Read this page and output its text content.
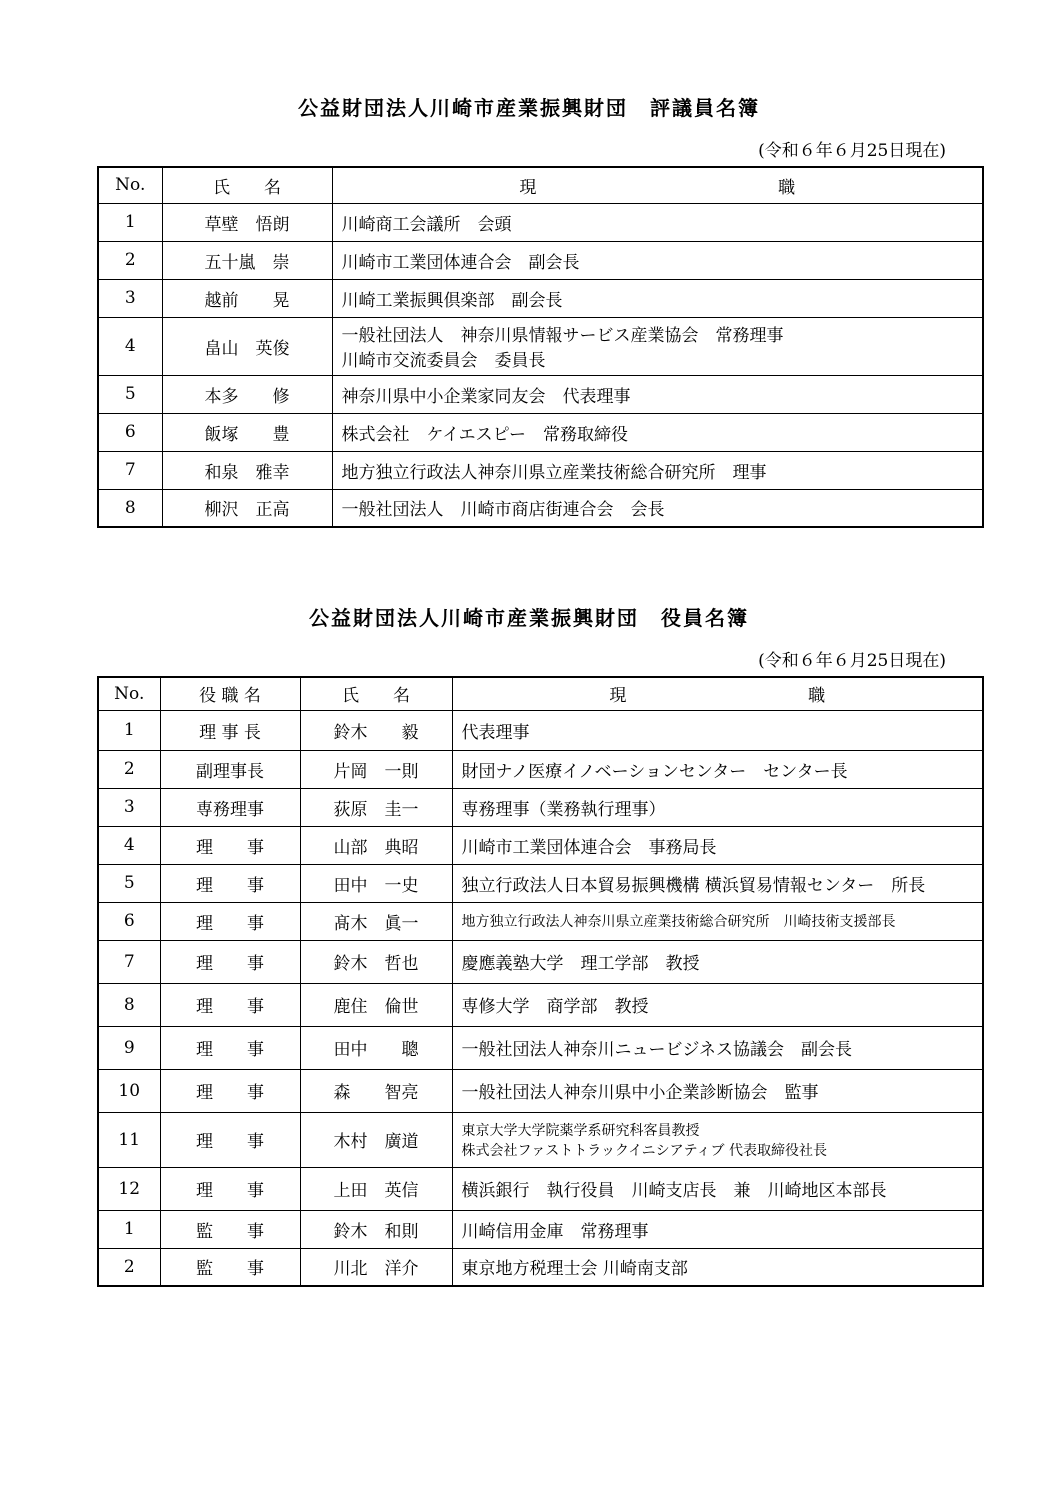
公益財団法人川崎市産業振興財団　評議員名簿

(令和６年６月25日現在)

No.	氏　　名	現 職

1	草壁　悟朗	川崎商工会議所　会頭

2	五十嵐　崇	川崎市工業団体連合会　副会長

3	越前　　晃	川崎工業振興倶楽部　副会長

4	畠山　英俊	一般社団法人　神奈川県情報サービス産業協会　常務理事
川崎市交流委員会　委員長

5	本多　　修	神奈川県中小企業家同友会　代表理事

6	飯塚　　豊	株式会社　ケイエスピー　常務取締役

7	和泉　雅幸	地方独立行政法人神奈川県立産業技術総合研究所　理事

8	柳沢　正高	一般社団法人　川崎市商店街連合会　会長
公益財団法人川崎市産業振興財団　役員名簿

(令和６年６月25日現在)

No.	役 職 名	氏　　名	現 職

1	理 事 長	鈴木　　毅	代表理事

2	副理事長	片岡　一則	財団ナノ医療イノベーションセンター　センター長

3	専務理事	荻原　圭一	専務理事（業務執行理事）

4	理　　事	山部　典昭	川崎市工業団体連合会　事務局長

5	理　　事	田中　一史	独立行政法人日本貿易振興機構 横浜貿易情報センター　所長

6	理　　事	髙木　眞一	地方独立行政法人神奈川県立産業技術総合研究所　川崎技術支援部長

7	理　　事	鈴木　哲也	慶應義塾大学　理工学部　教授

8	理　　事	鹿住　倫世	専修大学　商学部　教授

9	理　　事	田中　　聰	一般社団法人神奈川ニュービジネス協議会　副会長

10	理　　事	森　　智亮	一般社団法人神奈川県中小企業診断協会　監事

11	理　　事	木村　廣道	東京大学大学院薬学系研究科客員教授
株式会社ファストトラックイニシアティブ 代表取締役社長

12	理　　事	上田　英信	横浜銀行　執行役員　川崎支店長　兼　川崎地区本部長

1	監　　事	鈴木　和則	川崎信用金庫　常務理事

2	監　　事	川北　洋介	東京地方税理士会 川崎南支部
